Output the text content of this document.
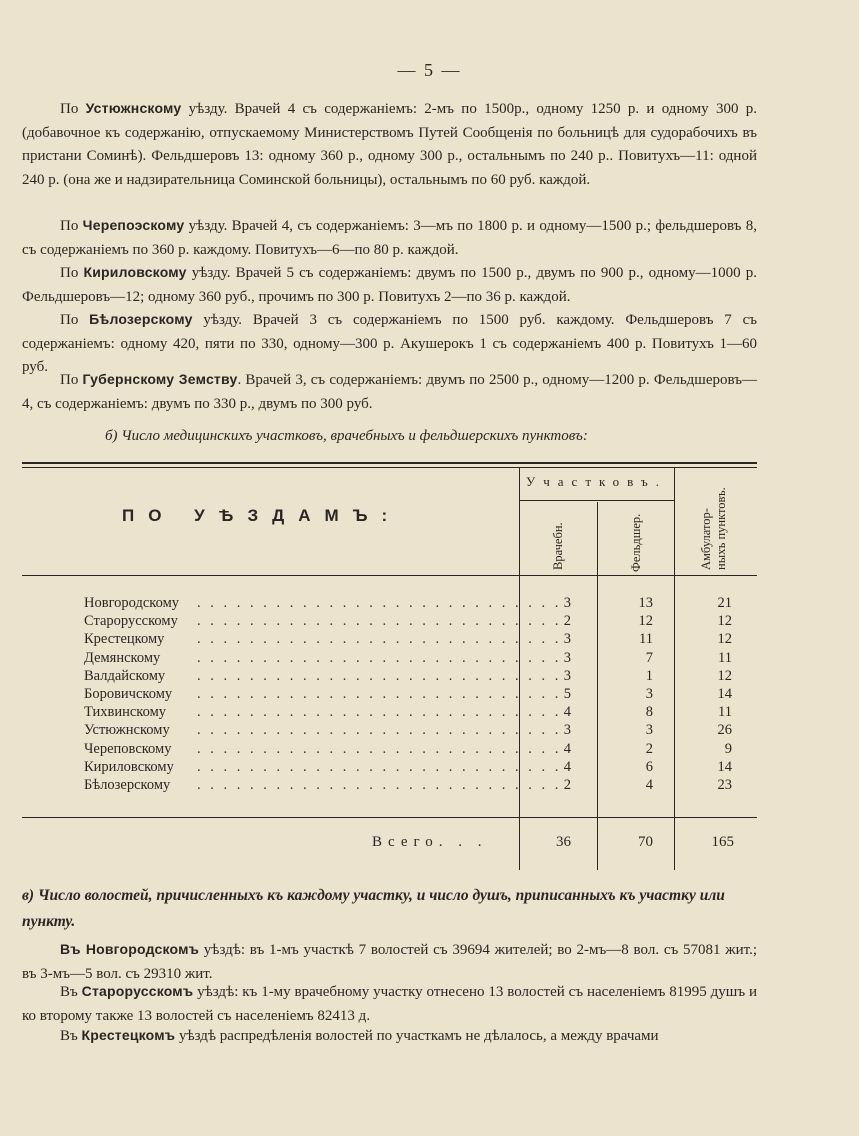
— 5 —

По Устюжнскому уѣзду. Врачей 4 съ содержаніемъ: 2-мъ по 1500р., одному 1250 р. и одному 300 р. (добавочное къ содержанію, отпускаемому Министерствомъ Путей Сообщенія по больницѣ для судорабочихъ въ пристани Соминѣ). Фельдшеровъ 13: одному 360 р., одному 300 р., остальнымъ по 240 р.. Повитухъ—11: одной 240 р. (она же и надзирательница Соминской больницы), остальнымъ по 60 руб. каждой.

По Черепоэскому уѣзду. Врачей 4, съ содержаніемъ: 3—мъ по 1800 р. и одному—1500 р.; фельдшеровъ 8, съ содержаніемъ по 360 р. каждому. Повитухъ—6—по 80 р. каждой.

По Кириловскому уѣзду. Врачей 5 съ содержаніемъ: двумъ по 1500 р., двумъ по 900 р., одному—1000 р. Фельдшеровъ—12; одному 360 руб., прочимъ по 300 р. Повитухъ 2—по 36 р. каждой.

По Бѣлозерскому уѣзду. Врачей 3 съ содержаніемъ по 1500 руб. каждому. Фельдшеровъ 7 съ содержаніемъ: одному 420, пяти по 330, одному—300 р. Акушерокъ 1 съ содержаніемъ 400 р. Повитухъ 1—60 руб.

По Губернскому Земству. Врачей 3, съ содержаніемъ: двумъ по 2500 р., одному—1200 р. Фельдшеровъ—4, съ содержаніемъ: двумъ по 330 р., двумъ по 300 руб.

б) Число медицинскихъ участковъ, врачебныхъ и фельдшерскихъ пунктовъ:

Участковъ.
ПО УѢЗДАМЪ:
Врачебн.	Фельдшер.	Амбулатор-
ныхъ пунктовъ.
Новгородскому . . . . . . . . . . . . . . . . . . . . . . . . . . . . 3	13	21
Старорусскому . . . . . . . . . . . . . . . . . . . . . . . . . . . . 2	12	12
Крестецкому . . . . . . . . . . . . . . . . . . . . . . . . . . . . 3	11	12
Демянскому	. . . . . . . . . . . . . . . . . . . . . . . . . . . . 3	7	11
Валдайскому . . . . . . . . . . . . . . . . . . . . . . . . . . . . 3	1	12
Боровичскому . . . . . . . . . . . . . . . . . . . . . . . . . . . . 5	3	14
Тихвинскому . . . . . . . . . . . . . . . . . . . . . . . . . . . . 4	8	11
Устюжнскому . . . . . . . . . . . . . . . . . . . . . . . . . . . . 3	3	26
Череповскому . . . . . . . . . . . . . . . . . . . . . . . . . . . . 4	2	9
Кириловскому . . . . . . . . . . . . . . . . . . . . . . . . . . . . 4	6	14
Бѣлозерскому . . . . . . . . . . . . . . . . . . . . . . . . . . . . 2	4	23
Всего. . .	36	70	165

в) Число волостей, причисленныхъ къ каждому участку, и число душъ, приписанныхъ къ участку или пункту.

Въ Новгородскомъ уѣздѣ: въ 1-мъ участкѣ 7 волостей съ 39694 жителей; во 2-мъ—8 вол. съ 57081 жит.; въ 3-мъ—5 вол. съ 29310 жит.

Въ Старорусскомъ уѣздѣ: къ 1-му врачебному участку отнесено 13 волостей съ населеніемъ 81995 душъ и ко второму также 13 волостей съ населеніемъ 82413 д.

Въ Крестецкомъ уѣздѣ распредѣленія волостей по участкамъ не дѣлалось, а между врачами
